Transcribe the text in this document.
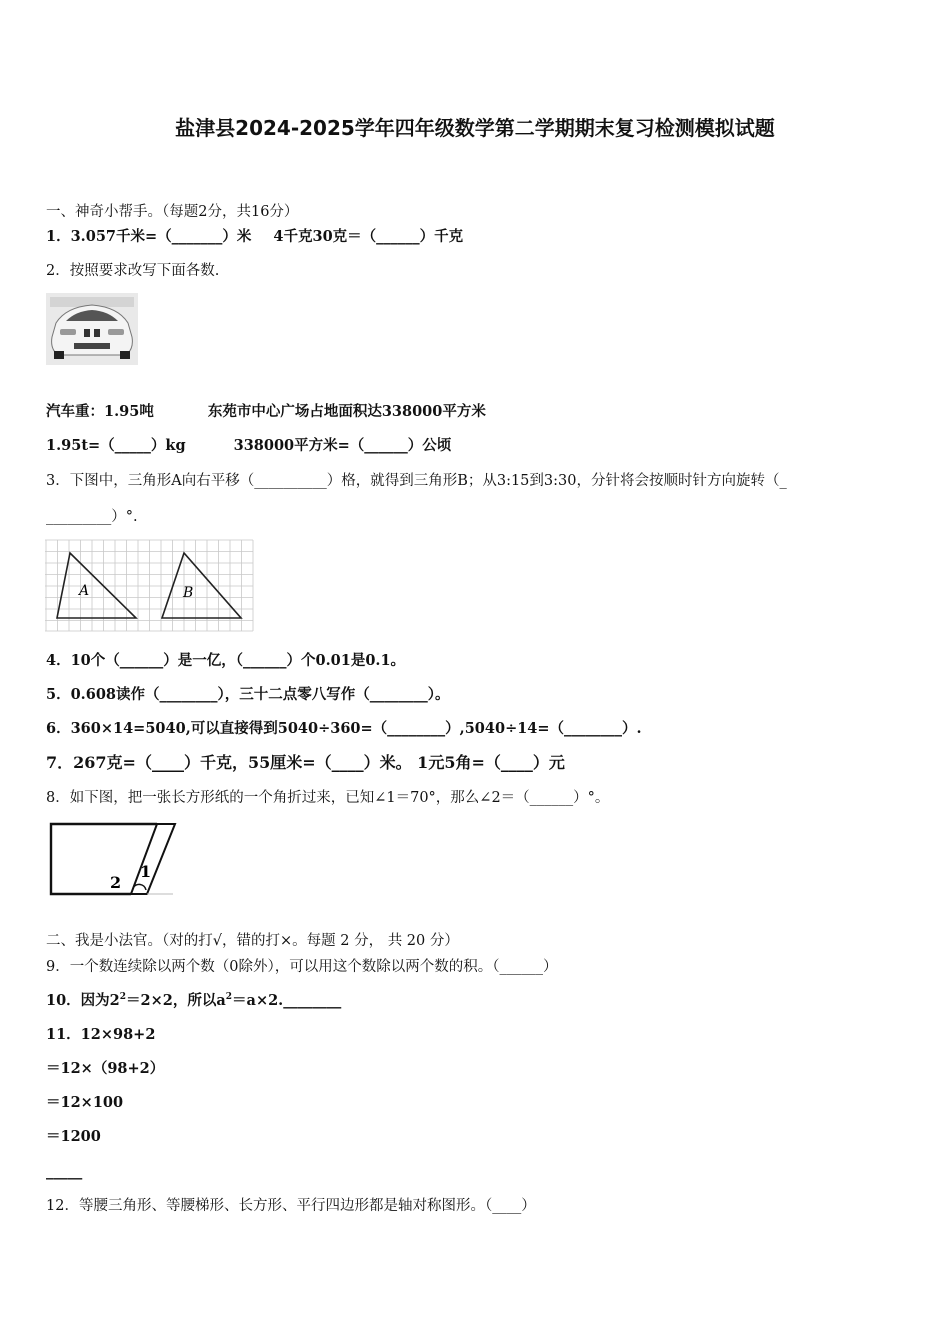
盐津县2024-2025学年四年级数学第二学期期末复习检测模拟试题
一、神奇小帮手。（每题2分，共16分）
1．3.057千米=（_______）米 4千克30克＝（______）千克
2．按照要求改写下面各数.
汽车重：1.95吨	东苑市中心广场占地面积达338000平方米
1.95t=（_____）kg	338000平方米=（______）公顷
3．下图中，三角形A向右平移（__________）格，就得到三角形B；从3:15到3:30，分针将会按顺时针方向旋转（_
_________）°.
A	B
4．10个（______）是一亿，（______）个0.01是0.1。
5．0.608读作（________），三十二点零八写作（________）。
6．360×14=5040,可以直接得到5040÷360=（________）,5040÷14=（________）.
7．267克=（____）千克，55厘米=（____）米。 1元5角=（____）元
8．如下图，把一张长方形纸的一个角折过来，已知∠1＝70°，那么∠2＝（______）°。
1
2
二、我是小法官。（对的打√，错的打×。每题 2 分， 共 20 分）
9．一个数连续除以两个数（0除外），可以用这个数除以两个数的积。（______）
10．因为$2^2=2\times 2$，所以$a^2=a\times 2.\_\_\_\_\_\_\_\_$
11．12×98+2
＝12×（98+2）
＝12×100
＝1200
_____
12．等腰三角形、等腰梯形、长方形、平行四边形都是轴对称图形。（____）
